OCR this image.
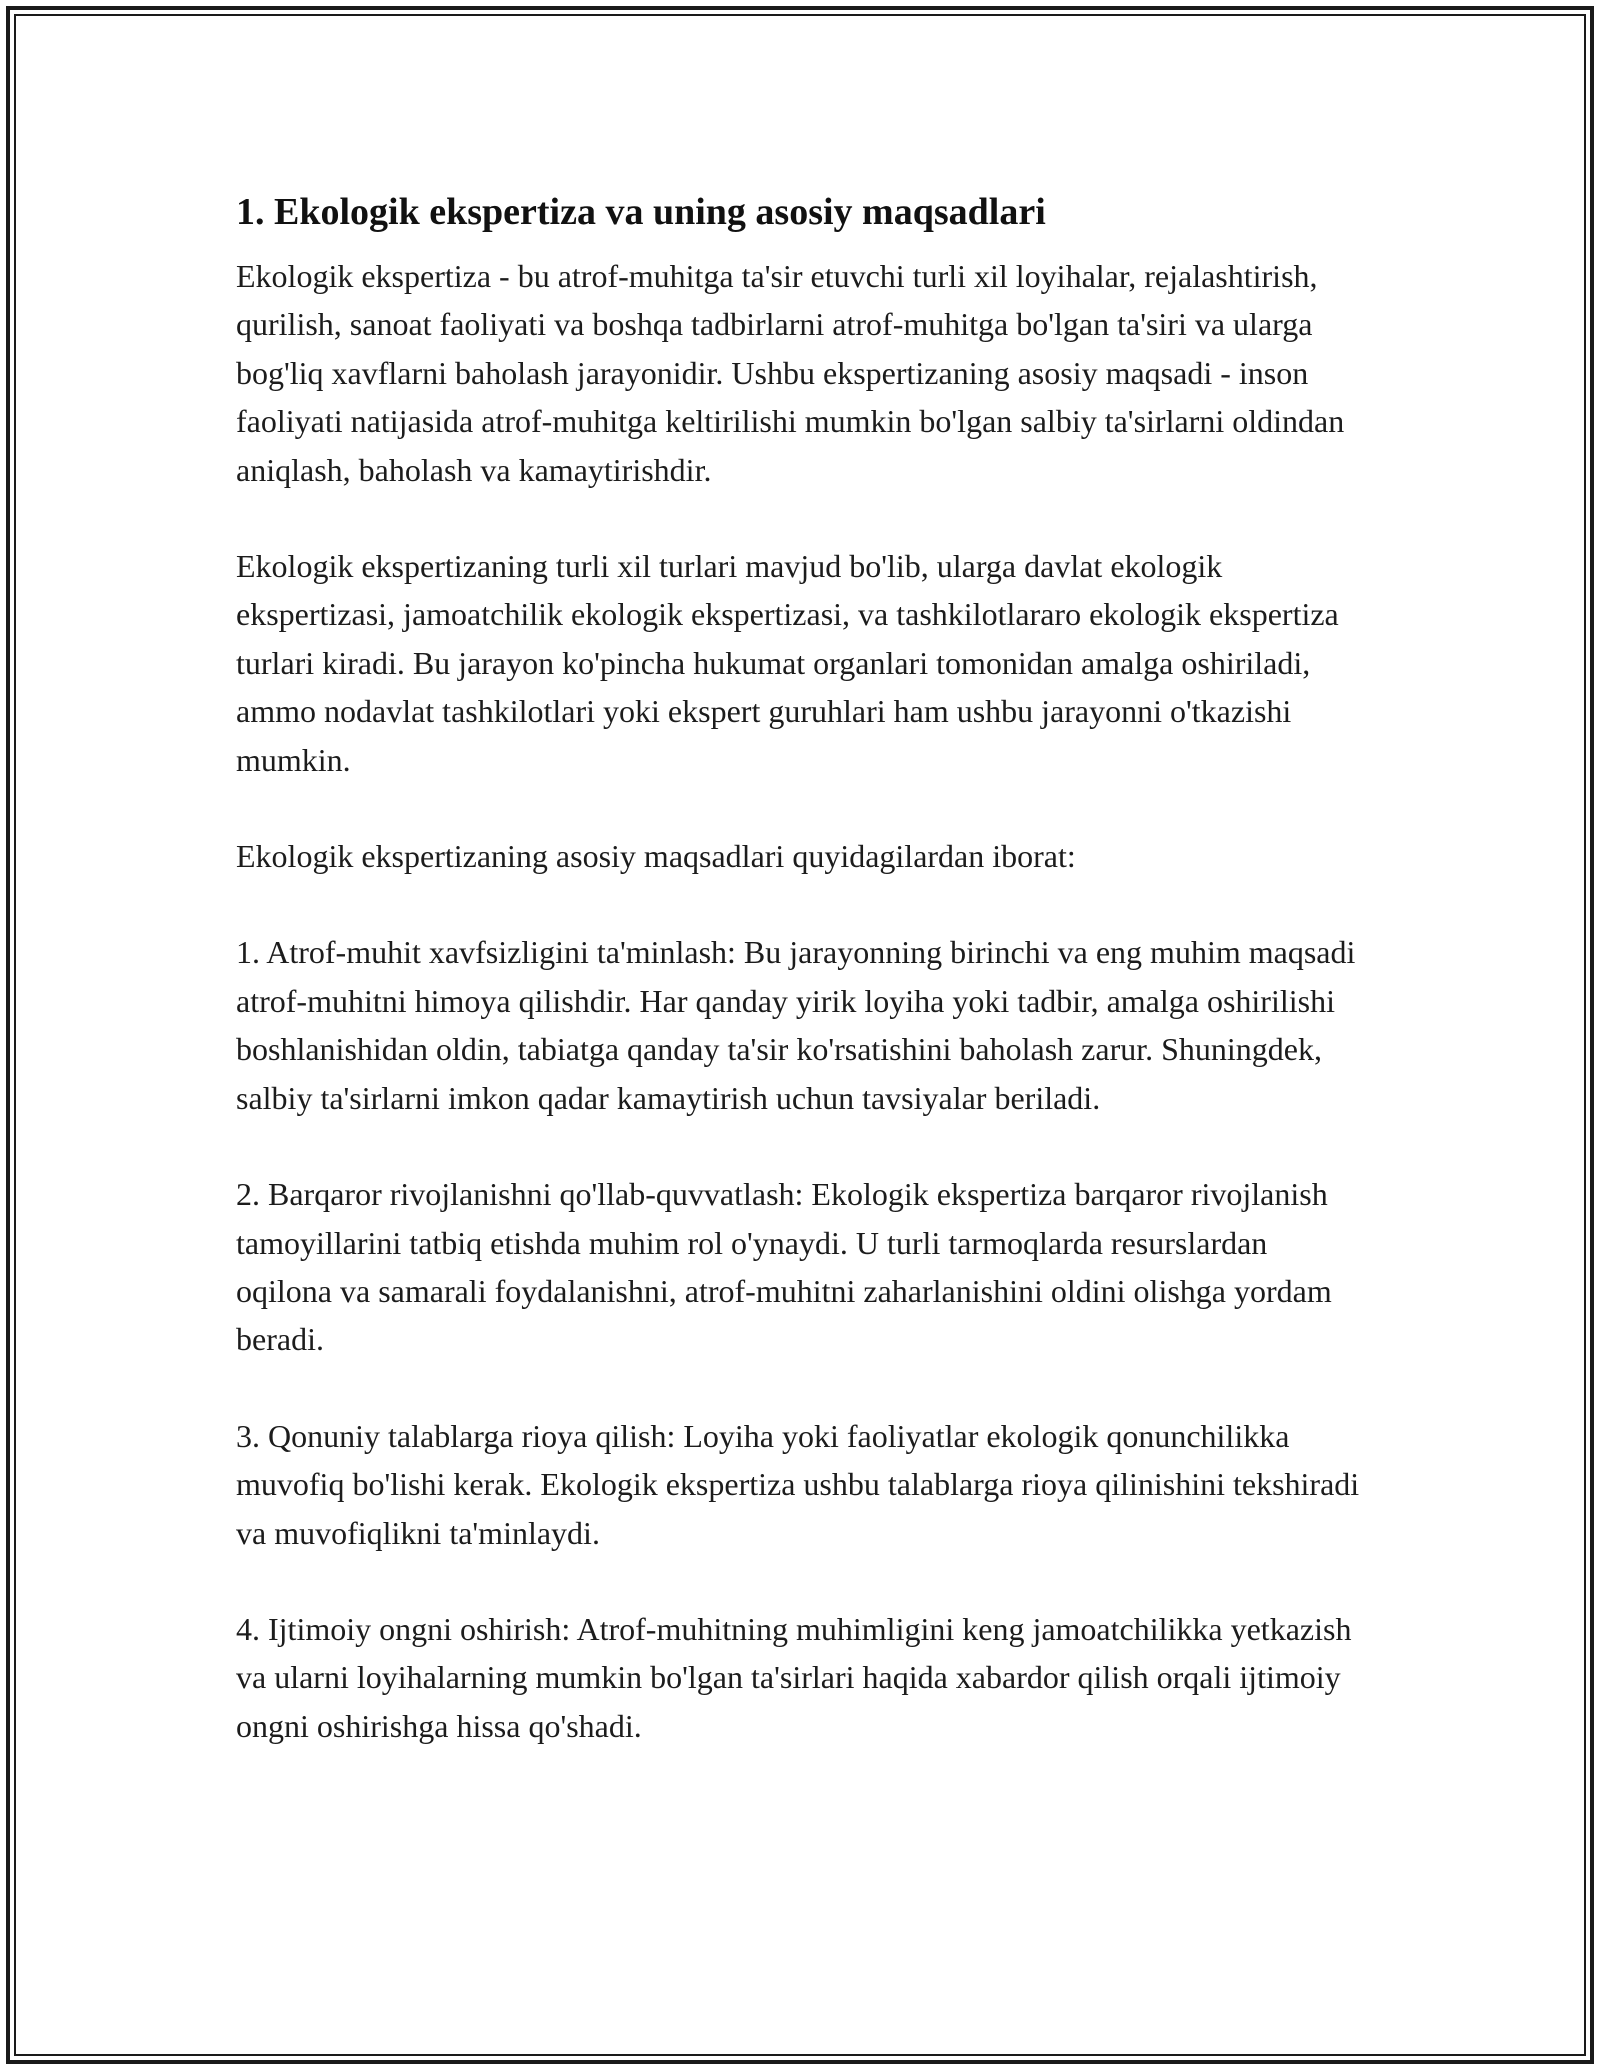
1. Ekologik ekspertiza va uning asosiy maqsadlari

Ekologik ekspertiza - bu atrof-muhitga ta'sir etuvchi turli xil loyihalar, rejalashtirish, qurilish, sanoat faoliyati va boshqa tadbirlarni atrof-muhitga bo'lgan ta'siri va ularga bog'liq xavflarni baholash jarayonidir. Ushbu ekspertizaning asosiy maqsadi - inson faoliyati natijasida atrof-muhitga keltirilishi mumkin bo'lgan salbiy ta'sirlarni oldindan aniqlash, baholash va kamaytirishdir.

Ekologik ekspertizaning turli xil turlari mavjud bo'lib, ularga davlat ekologik ekspertizasi, jamoatchilik ekologik ekspertizasi, va tashkilotlararo ekologik ekspertiza turlari kiradi. Bu jarayon ko'pincha hukumat organlari tomonidan amalga oshiriladi, ammo nodavlat tashkilotlari yoki ekspert guruhlari ham ushbu jarayonni o'tkazishi mumkin.

Ekologik ekspertizaning asosiy maqsadlari quyidagilardan iborat:

1. Atrof-muhit xavfsizligini ta'minlash: Bu jarayonning birinchi va eng muhim maqsadi atrof-muhitni himoya qilishdir. Har qanday yirik loyiha yoki tadbir, amalga oshirilishi boshlanishidan oldin, tabiatga qanday ta'sir ko'rsatishini baholash zarur. Shuningdek, salbiy ta'sirlarni imkon qadar kamaytirish uchun tavsiyalar beriladi.

2. Barqaror rivojlanishni qo'llab-quvvatlash: Ekologik ekspertiza barqaror rivojlanish tamoyillarini tatbiq etishda muhim rol o'ynaydi. U turli tarmoqlarda resurslardan oqilona va samarali foydalanishni, atrof-muhitni zaharlanishini oldini olishga yordam beradi.

3. Qonuniy talablarga rioya qilish: Loyiha yoki faoliyatlar ekologik qonunchilikka muvofiq bo'lishi kerak. Ekologik ekspertiza ushbu talablarga rioya qilinishini tekshiradi va muvofiqlikni ta'minlaydi.

4. Ijtimoiy ongni oshirish: Atrof-muhitning muhimligini keng jamoatchilikka yetkazish va ularni loyihalarning mumkin bo'lgan ta'sirlari haqida xabardor qilish orqali ijtimoiy ongni oshirishga hissa qo'shadi.
